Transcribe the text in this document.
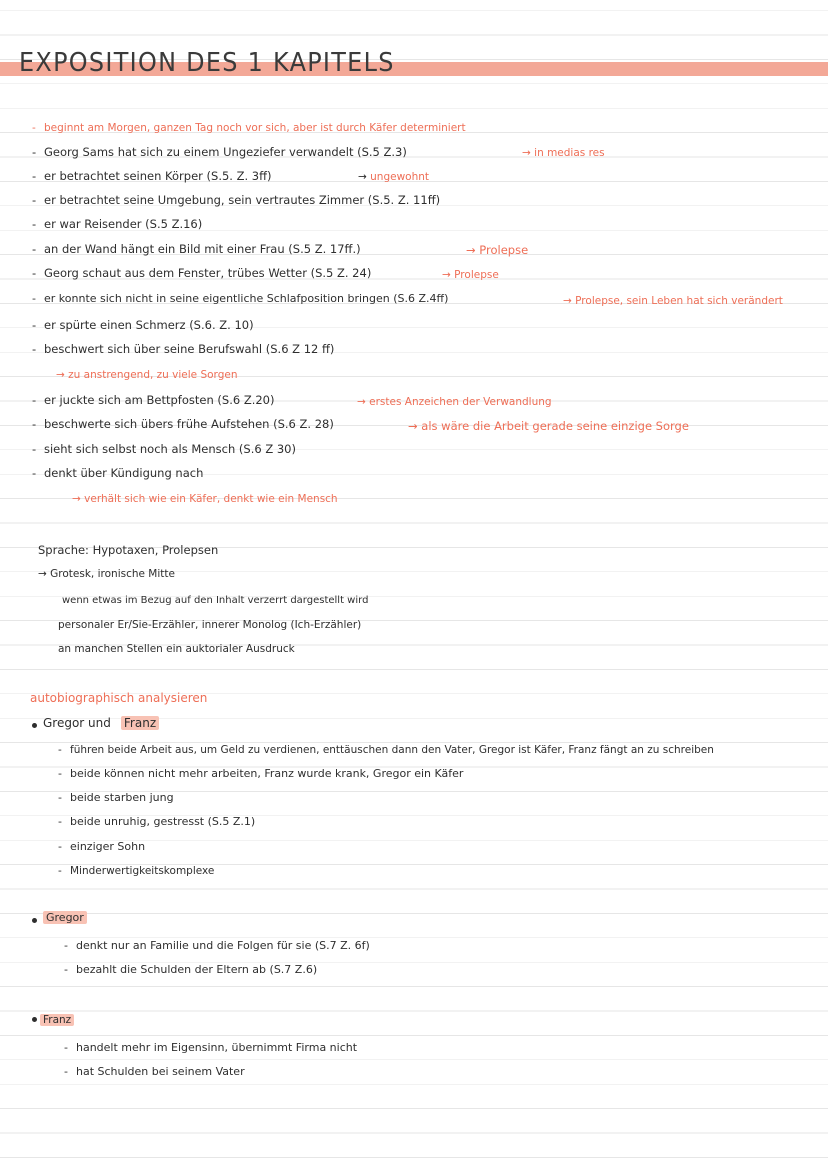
EXPOSITION DES 1 KAPITELS
- beginnt am Morgen, ganzen Tag noch vor sich, aber ist durch Käfer determiniert
- Georg Sams hat sich zu einem Ungeziefer verwandelt (S.5 Z.3)	→ in medias res
- er betrachtet seinen Körper (S.5. Z. 3ff)	→ ungewohnt
- er betrachtet seine Umgebung, sein vertrautes Zimmer (S.5. Z. 11ff)
- er war Reisender (S.5 Z.16)
- an der Wand hängt ein Bild mit einer Frau (S.5 Z. 17ff.)	→ Prolepse
- Georg schaut aus dem Fenster, trübes Wetter (S.5 Z. 24)	→ Prolepse
- er konnte sich nicht in seine eigentliche Schlafposition bringen (S.6 Z.4ff)	→ Prolepse, sein Leben hat sich verändert
- er spürte einen Schmerz (S.6. Z. 10)
- beschwert sich über seine Berufswahl (S.6 Z 12 ff)
→ zu anstrengend, zu viele Sorgen
- er juckte sich am Bettpfosten (S.6 Z.20)	→ erstes Anzeichen der Verwandlung
- beschwerte sich übers frühe Aufstehen (S.6 Z. 28)	→ als wäre die Arbeit gerade seine einzige Sorge
- sieht sich selbst noch als Mensch (S.6 Z 30)
- denkt über Kündigung nach
→ verhält sich wie ein Käfer, denkt wie ein Mensch
Sprache: Hypotaxen, Prolepsen
→ Grotesk, ironische Mitte
wenn etwas im Bezug auf den Inhalt verzerrt dargestellt wird
personaler Er/Sie-Erzähler, innerer Monolog (Ich-Erzähler)
an manchen Stellen ein auktorialer Ausdruck
autobiographisch analysieren
Gregor und Franz
- führen beide Arbeit aus, um Geld zu verdienen, enttäuschen dann den Vater, Gregor ist Käfer, Franz fängt an zu schreiben
- beide können nicht mehr arbeiten, Franz wurde krank, Gregor ein Käfer
- beide starben jung
- beide unruhig, gestresst (S.5 Z.1)
- einziger Sohn
- Minderwertigkeitskomplexe
Gregor
- denkt nur an Familie und die Folgen für sie (S.7 Z. 6f)
- bezahlt die Schulden der Eltern ab (S.7 Z.6)
Franz
- handelt mehr im Eigensinn, übernimmt Firma nicht
- hat Schulden bei seinem Vater
